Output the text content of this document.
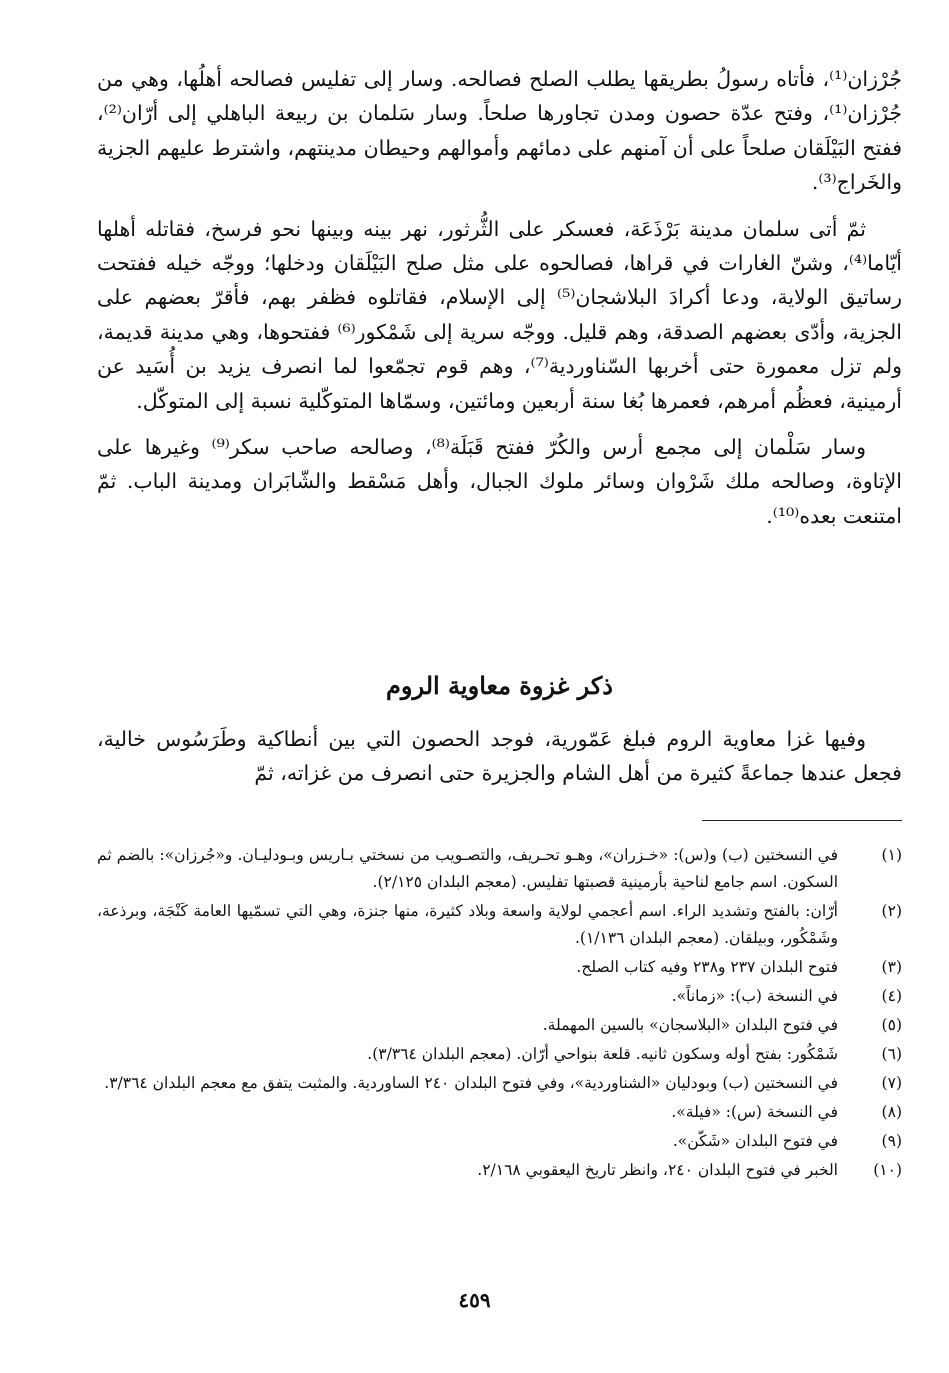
جُرْزان⁽¹⁾، فأتاه رسولُ بطريقها يطلب الصلح فصالحه. وسار إلى تفليس فصالحه أهلُها، وهي من جُرْزان⁽¹⁾، وفتح عدّة حصون ومدن تجاورها صلحاً. وسار سَلمان بن ربيعة الباهلي إلى أرّان⁽²⁾، ففتح البَيْلَقان صلحاً على أن آمنهم على دمائهم وأموالهم وحيطان مدينتهم، واشترط عليهم الجزية والخَراج⁽³⁾.

ثمّ أتى سلمان مدينة بَرْذَعَة، فعسكر على الثُّرثور، نهر بينه وبينها نحو فرسخ، فقاتله أهلها أيّاما⁽⁴⁾، وشنّ الغارات في قراها، فصالحوه على مثل صلح البَيْلَقان ودخلها؛ ووجّه خيله ففتحت رساتيق الولاية، ودعا أكرادَ البلاشجان⁽⁵⁾ إلى الإسلام، فقاتلوه فظفر بهم، فأقرّ بعضهم على الجزية، وأدّى بعضهم الصدقة، وهم قليل. ووجّه سرية إلى شَمْكور⁽⁶⁾ ففتحوها، وهي مدينة قديمة، ولم تزل معمورة حتى أخربها السّناوردية⁽⁷⁾، وهم قوم تجمّعوا لما انصرف يزيد بن أُسَيد عن أرمينية، فعظُم أمرهم، فعمرها بُغا سنة أربعين ومائتين، وسمّاها المتوكّلية نسبة إلى المتوكّل.

وسار سَلْمان إلى مجمع أرس والكُرّ ففتح قَبَلَة⁽⁸⁾، وصالحه صاحب سكر⁽⁹⁾ وغيرها على الإتاوة، وصالحه ملك شَرْوان وسائر ملوك الجبال، وأهل مَسْقط والشّابَران ومدينة الباب. ثمّ امتنعت بعده⁽¹⁰⁾.

ذكر غزوة معاوية الروم

وفيها غزا معاوية الروم فبلغ عَمّورية، فوجد الحصون التي بين أنطاكية وطَرَسُوس خالية، فجعل عندها جماعةً كثيرة من أهل الشام والجزيرة حتى انصرف من غزاته، ثمّ

(١)
في النسختين (ب) و(س): «خـزران»، وهـو تحـريف، والتصـويب من نسختي بـاريس وبـودليـان. و«جُرزان»: بالضم ثم السكون. اسم جامع لناحية بأرمينية قصبتها تفليس. (معجم البلدان ٢/١٢٥).
(٢)
أرّان: بالفتح وتشديد الراء. اسم أعجمي لولاية واسعة وبلاد كثيرة، منها جنزة، وهي التي تسمّيها العامة كَنْجَة، وبرذعة، وشَمْكُور، وبيلقان. (معجم البلدان ١/١٣٦).
(٣)
فتوح البلدان ٢٣٧ و٢٣٨ وفيه كتاب الصلح.
(٤)
في النسخة (ب): «زماناً».
(٥)
في فتوح البلدان «البلاسجان» بالسين المهملة.
(٦)
شَمْكُور: بفتح أوله وسكون ثانيه. قلعة بنواحي أرّان. (معجم البلدان ٣/٣٦٤).
(٧)
في النسختين (ب) وبودليان «الشناوردية»، وفي فتوح البلدان ٢٤٠ الساوردية. والمثبت يتفق مع معجم البلدان ٣/٣٦٤.
(٨)
في النسخة (س): «فيلة».
(٩)
في فتوح البلدان «شَكّن».
(١٠)
الخبر في فتوح البلدان ٢٤٠، وانظر تاريخ اليعقوبي ٢/١٦٨.
٤٥٩
